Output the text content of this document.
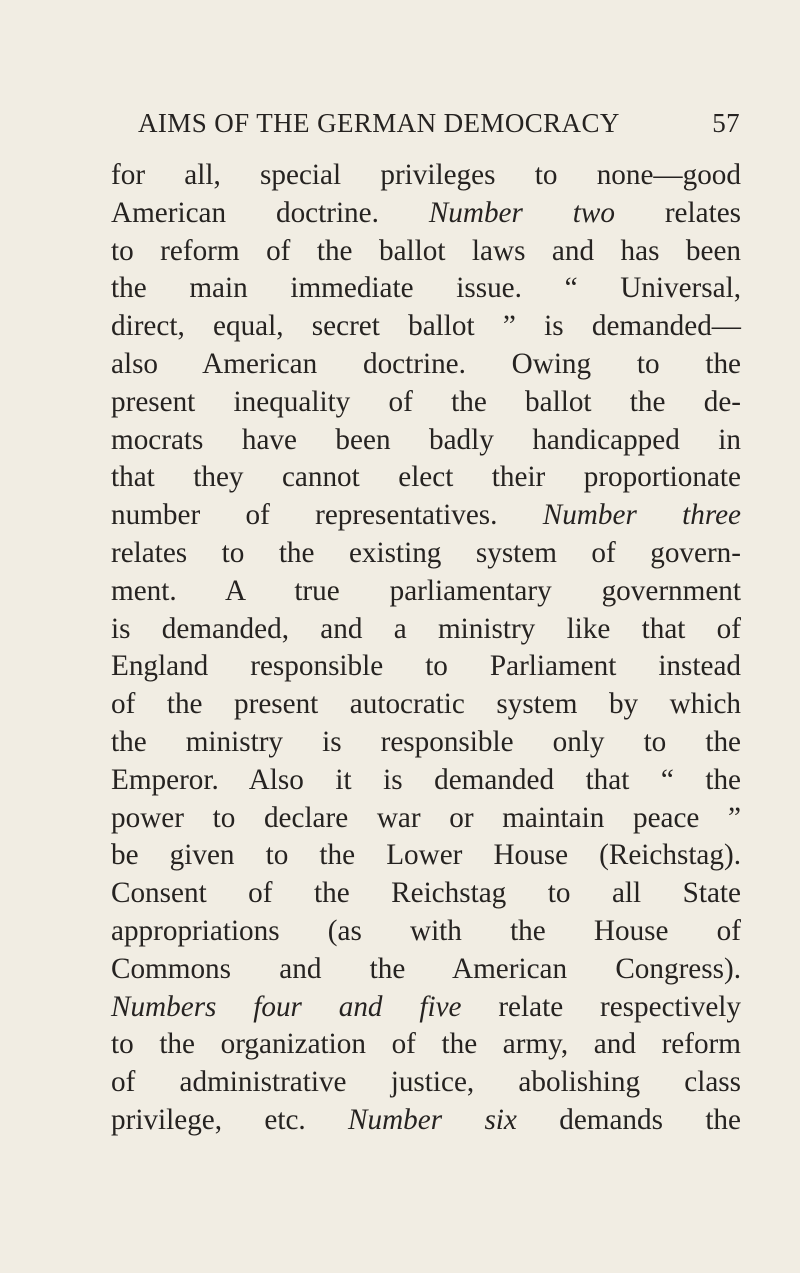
AIMS OF THE GERMAN DEMOCRACY	57
for all, special privileges to none—good
American doctrine. Number two relates
to reform of the ballot laws and has been
the main immediate issue. “ Universal,
direct, equal, secret ballot ” is demanded—
also American doctrine. Owing to the
present inequality of the ballot the de-
mocrats have been badly handicapped in
that they cannot elect their proportionate
number of representatives. Number three
relates to the existing system of govern-
ment. A true parliamentary government
is demanded, and a ministry like that of
England responsible to Parliament instead
of the present autocratic system by which
the ministry is responsible only to the
Emperor. Also it is demanded that “ the
power to declare war or maintain peace ”
be given to the Lower House (Reichstag).
Consent of the Reichstag to all State
appropriations (as with the House of
Commons and the American Congress).
Numbers four and five relate respectively
to the organization of the army, and reform
of administrative justice, abolishing class
privilege, etc. Number six demands the
